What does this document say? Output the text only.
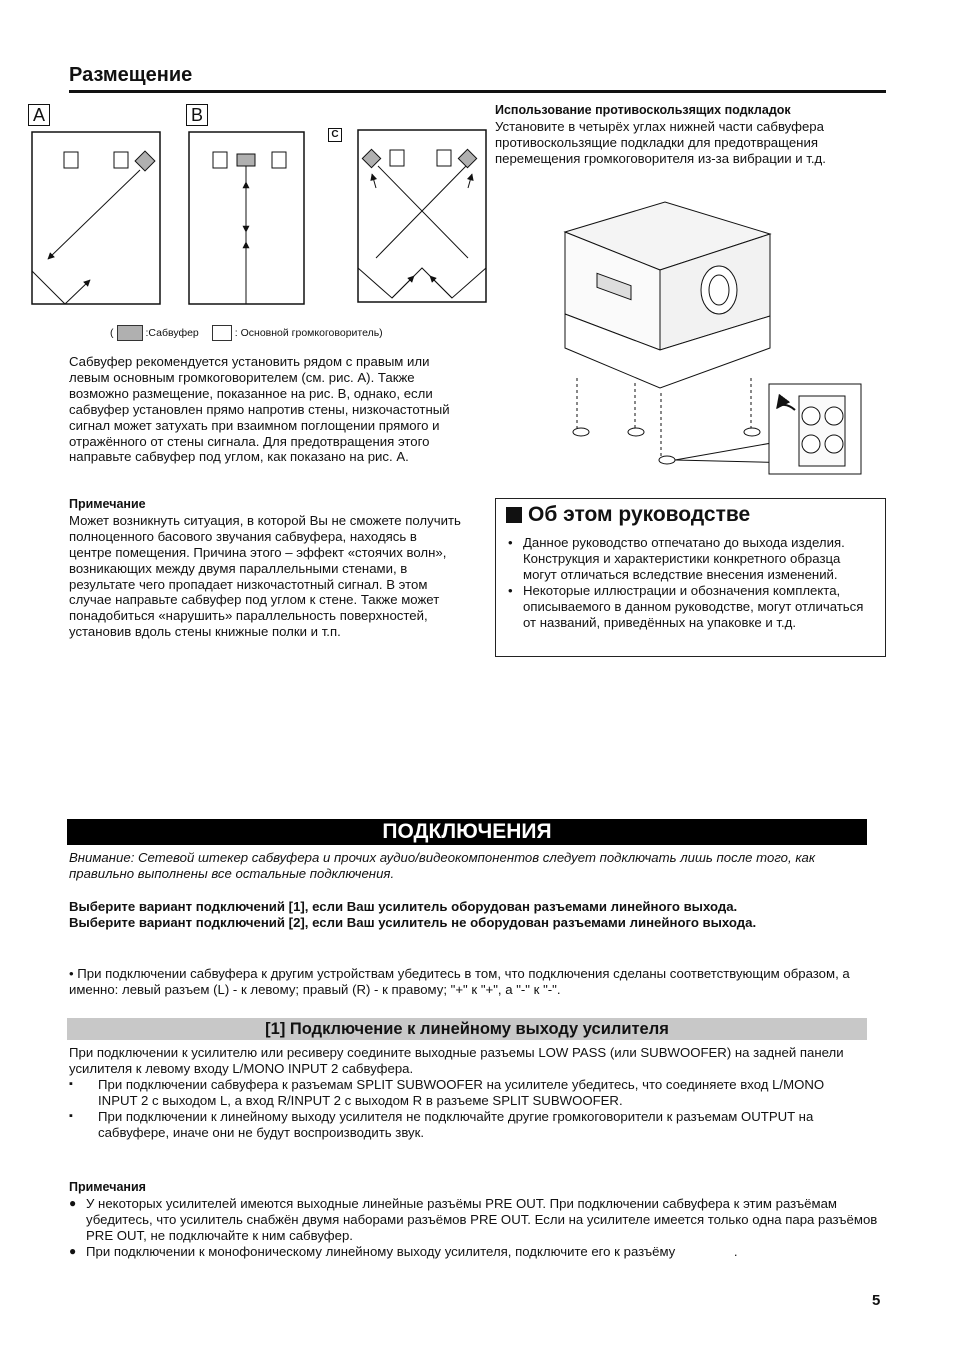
Размещение
A	B
C
(	:Сабвуфер	: Основной громкоговоритель)

Сабвуфер рекомендуется установить рядом с правым или левым основным громкоговорителем (см. рис. A). Также возможно размещение, показанное на рис. B, однако, если сабвуфер установлен прямо напротив стены, низкочастотный сигнал может затухать при взаимном поглощении прямого и отражённого от стены сигнала. Для предотвращения этого направьте сабвуфер под углом, как показано на рис. A.

Примечание

Может возникнуть ситуация, в которой Вы не сможете получить полноценного басового звучания сабвуфера, находясь в центре помещения. Причина этого – эффект «стоячих волн», возникающих между двумя параллельными стенами, в результате чего пропадает низкочастотный сигнал. В этом случае направьте сабвуфер под углом к стене. Также может понадобиться «нарушить» параллельность поверхностей, установив вдоль стены книжные полки и т.п.

Использование противоскользящих подкладок

Установите в четырёх углах нижней части сабвуфера противоскользящие подкладки для предотвращения перемещения громкоговорителя из-за вибрации и т.д.

Об этом руководстве
• Данное руководство отпечатано до выхода изделия. Конструкция и характеристики конкретного образца могут отличаться вследствие внесения изменений.
• Некоторые иллюстрации и обозначения комплекта, описываемого в данном руководстве, могут отличаться от названий, приведённых на упаковке и т.д.
ПОДКЛЮЧЕНИЯ
Внимание: Сетевой штекер сабвуфера и прочих аудио/видеокомпонентов следует подключать лишь после того, как правильно выполнены все остальные подключения.
Выберите вариант подключений [1], если Ваш усилитель оборудован разъемами линейного выхода.
Выберите вариант подключений [2], если Ваш усилитель не оборудован разъемами линейного выхода.
• При подключении сабвуфера к другим устройствам убедитесь в том, что подключения сделаны соответствующим образом, а именно: левый разъем (L) - к левому; правый (R) - к правому; "+" к "+", а "-" к "-".
[1] Подключение к линейному выходу усилителя

При подключении к усилителю или ресиверу соедините выходные разъемы LOW PASS (или SUBWOOFER) на задней панели усилителя к левому входу L/MONO INPUT 2 сабвуфера.

▪ При подключении сабвуфера к разъемам SPLIT SUBWOOFER на усилителе убедитесь, что соединяете вход L/MONO INPUT 2 с выходом L, а вход R/INPUT 2 с выходом R в разъеме SPLIT SUBWOOFER.
▪ При подключении к линейному выходу усилителя не подключайте другие громкоговорители к разъемам OUTPUT на сабвуфере, иначе они не будут воспроизводить звук.
Примечания
● У некоторых усилителей имеются выходные линейные разъёмы PRE OUT. При подключении сабвуфера к этим разъёмам убедитесь, что усилитель снабжён двумя наборами разъёмов PRE OUT. Если на усилителе имеется только одна пара разъёмов PRE OUT, не подключайте к ним сабвуфер.
● При подключении к монофоническому линейному выходу усилителя, подключите его к разъёму                .
5
